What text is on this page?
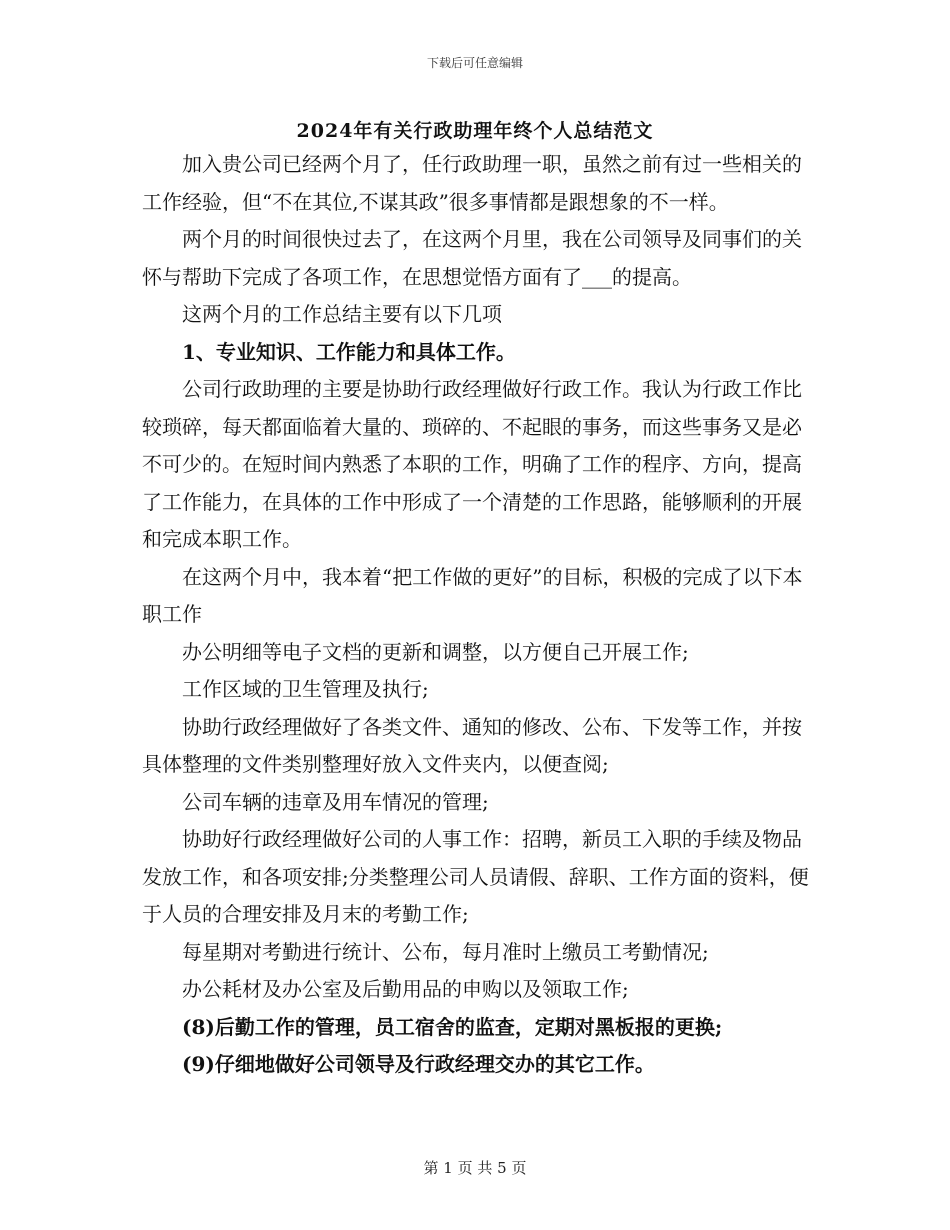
下载后可任意编辑
2024年有关行政助理年终个人总结范文

加入贵公司已经两个月了，任行政助理一职，虽然之前有过一些相关的工作经验，但“不在其位,不谋其政”很多事情都是跟想象的不一样。

两个月的时间很快过去了，在这两个月里，我在公司领导及同事们的关怀与帮助下完成了各项工作，在思想觉悟方面有了___的提高。

这两个月的工作总结主要有以下几项

1、专业知识、工作能力和具体工作。

公司行政助理的主要是协助行政经理做好行政工作。我认为行政工作比较琐碎，每天都面临着大量的、琐碎的、不起眼的事务，而这些事务又是必不可少的。在短时间内熟悉了本职的工作，明确了工作的程序、方向，提高了工作能力，在具体的工作中形成了一个清楚的工作思路，能够顺利的开展和完成本职工作。

在这两个月中，我本着“把工作做的更好”的目标，积极的完成了以下本职工作

办公明细等电子文档的更新和调整，以方便自己开展工作;

工作区域的卫生管理及执行;

协助行政经理做好了各类文件、通知的修改、公布、下发等工作，并按具体整理的文件类别整理好放入文件夹内，以便查阅;

公司车辆的违章及用车情况的管理;

协助好行政经理做好公司的人事工作：招聘，新员工入职的手续及物品发放工作，和各项安排;分类整理公司人员请假、辞职、工作方面的资料，便于人员的合理安排及月末的考勤工作;

每星期对考勤进行统计、公布，每月准时上缴员工考勤情况;

办公耗材及办公室及后勤用品的申购以及领取工作;

(8)后勤工作的管理，员工宿舍的监查，定期对黑板报的更换;

(9)仔细地做好公司领导及行政经理交办的其它工作。

第 1 页 共 5 页
